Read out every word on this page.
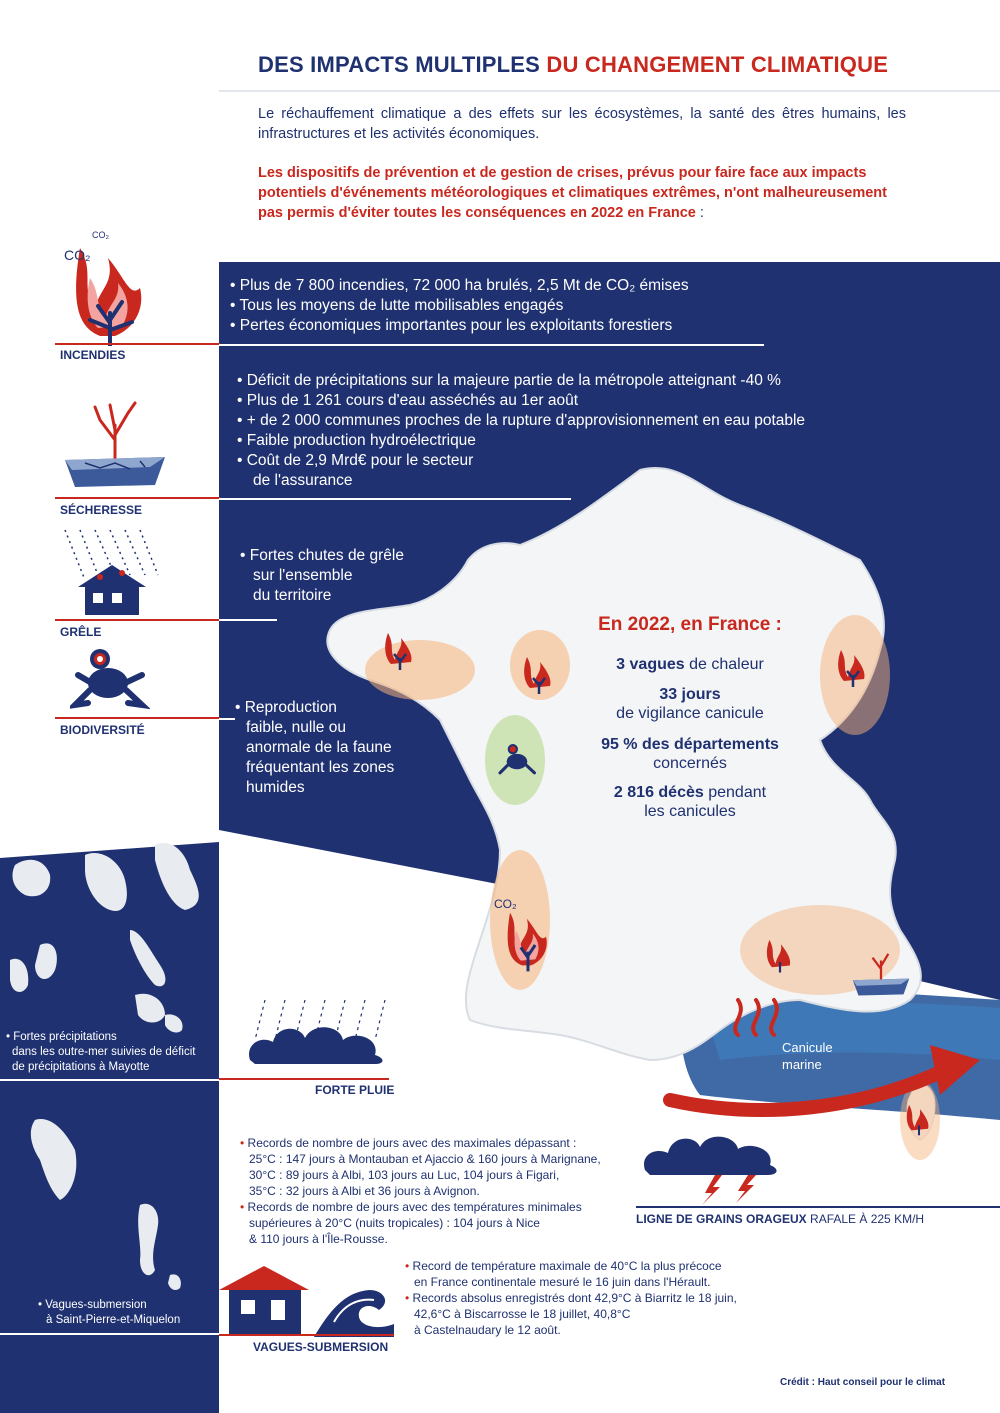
DES IMPACTS MULTIPLES DU CHANGEMENT CLIMATIQUE
Le réchauffement climatique a des effets sur les écosystèmes, la santé des êtres humains, les infrastructures et les activités économiques.
Les dispositifs de prévention et de gestion de crises, prévus pour faire face aux impacts potentiels d'événements météorologiques et climatiques extrêmes, n'ont malheureusement pas permis d'éviter toutes les conséquences en 2022 en France :
CO₂
CO₂
INCENDIES
• Plus de 7 800 incendies, 72 000 ha brulés, 2,5 Mt de CO₂ émises
• Tous les moyens de lutte mobilisables engagés
• Pertes économiques importantes pour les exploitants forestiers
SÉCHERESSE
• Déficit de précipitations sur la majeure partie de la métropole atteignant -40 %
• Plus de 1 261 cours d'eau asséchés au 1er août
• + de 2 000 communes proches de la rupture d'approvisionnement en eau potable
• Faible production hydroélectrique
• Coût de 2,9 Mrd€ pour le secteur
de l'assurance
GRÊLE
• Fortes chutes de grêle
sur l'ensemble
du territoire
BIODIVERSITÉ
• Reproduction
faible, nulle ou
anormale de la faune
fréquentant les zones
humides
CO₂
Canicule
marine
En 2022, en France :
3 vagues de chaleur
33 jours
de vigilance canicule
95 % des départements
concernés
2 816 décès pendant
les canicules
• Fortes précipitations
dans les outre-mer suivies de déficit
de précipitations à Mayotte
FORTE PLUIE
• Records de nombre de jours avec des maximales dépassant :
25°C : 147 jours à Montauban et Ajaccio & 160 jours à Marignane,
30°C : 89 jours à Albi, 103 jours au Luc, 104 jours à Figari,
35°C : 32 jours à Albi et 36 jours à Avignon.
• Records de nombre de jours avec des températures minimales
supérieures à 20°C (nuits tropicales) : 104 jours à Nice
& 110 jours à l'Île-Rousse.
LIGNE DE GRAINS ORAGEUX RAFALE À 225 KM/H
• Record de température maximale de 40°C la plus précoce
en France continentale mesuré le 16 juin dans l'Hérault.
• Records absolus enregistrés dont 42,9°C à Biarritz le 18 juin,
42,6°C à Biscarrosse le 18 juillet, 40,8°C
à Castelnaudary le 12 août.
• Vagues-submersion
à Saint-Pierre-et-Miquelon
VAGUES-SUBMERSION
Crédit : Haut conseil pour le climat
